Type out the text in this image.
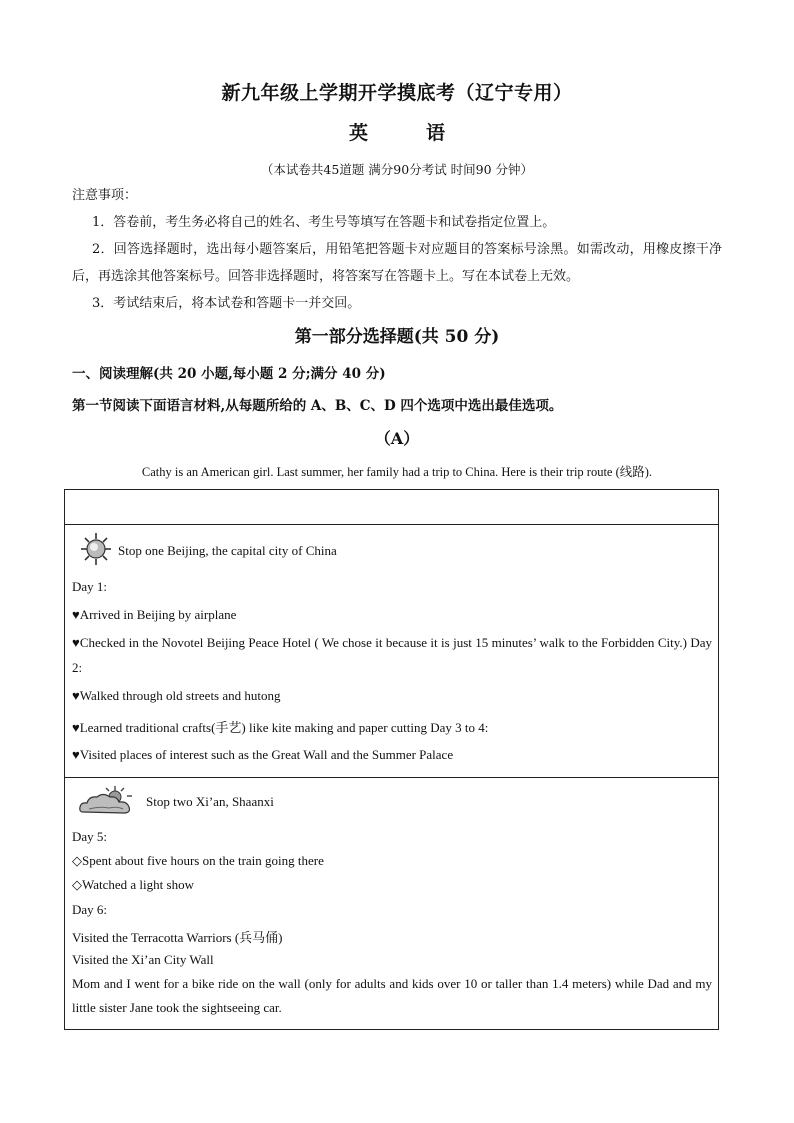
新九年级上学期开学摸底考（辽宁专用）
英	语
（本试卷共45道题 满分90分考试 时间90 分钟）
注意事项：
1．答卷前，考生务必将自己的姓名、考生号等填写在答题卡和试卷指定位置上。
2．回答选择题时，选出每小题答案后，用铅笔把答题卡对应题目的答案标号涂黑。如需改动，用橡皮擦干净后，再选涂其他答案标号。回答非选择题时，将答案写在答题卡上。写在本试卷上无效。
3．考试结束后，将本试卷和答题卡一并交回。
第一部分选择题(共 50 分)
一、阅读理解(共 20 小题,每小题 2 分;满分 40 分)
第一节阅读下面语言材料,从每题所给的 A、B、C、D 四个选项中选出最佳选项。
（A）
Cathy is an American girl. Last summer, her family had a trip to China. Here is their trip route (线路).
Stop one Beijing, the capital city of China
Day 1:
♥Arrived in Beijing by airplane
♥Checked in the Novotel Beijing Peace Hotel ( We chose it because it is just 15 minutes’ walk to the Forbidden City.) Day 2:
♥Walked through old streets and hutong
♥Learned traditional crafts(手艺) like kite making and paper cutting Day 3 to 4:
♥Visited places of interest such as the Great Wall and the Summer Palace
Stop two Xi’an, Shaanxi
Day 5:
◇Spent about five hours on the train going there
◇Watched a light show
Day 6:
Visited the Terracotta Warriors (兵马俑)
Visited the Xi’an City Wall
Mom and I went for a bike ride on the wall (only for adults and kids over 10 or taller than 1.4 meters) while Dad and my little sister Jane took the sightseeing car.
